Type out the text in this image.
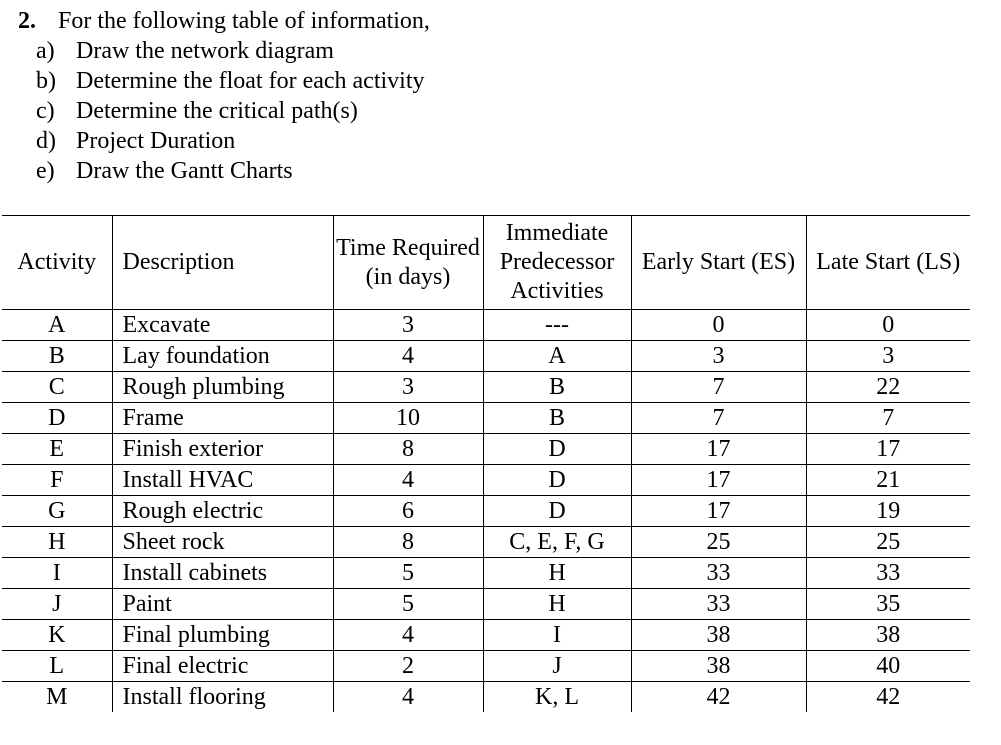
2. For the following table of information,
a) Draw the network diagram
b) Determine the float for each activity
c) Determine the critical path(s)
d) Project Duration
e) Draw the Gantt Charts
Activity	Description	Time Required (in days)	Immediate Predecessor Activities	Early Start (ES)	Late Start (LS)
A	Excavate	3	---	0	0
B	Lay foundation	4	A	3	3
C	Rough plumbing	3	B	7	22
D	Frame	10	B	7	7
E	Finish exterior	8	D	17	17
F	Install HVAC	4	D	17	21
G	Rough electric	6	D	17	19
H	Sheet rock	8	C, E, F, G	25	25
I	Install cabinets	5	H	33	33
J	Paint	5	H	33	35
K	Final plumbing	4	I	38	38
L	Final electric	2	J	38	40
M	Install flooring	4	K, L	42	42
